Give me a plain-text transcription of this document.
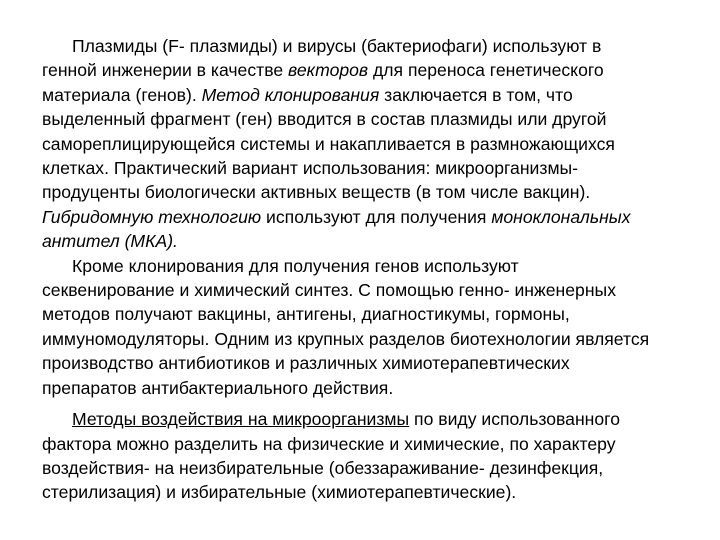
Плазмиды (F- плазмиды) и вирусы (бактериофаги) используют в
генной инженерии в качестве векторов для переноса генетического
материала (генов). Метод клонирования заключается в том, что
выделенный фрагмент (ген) вводится в состав плазмиды или другой
самореплицирующейся системы и накапливается в размножающихся
клетках. Практический вариант использования: микроорганизмы-
продуценты биологически активных веществ (в том числе вакцин).
Гибридомную технологию используют для получения моноклональных
антител (МКА).
Кроме клонирования для получения генов используют
секвенирование и химический синтез. С помощью генно- инженерных
методов получают вакцины, антигены, диагностикумы, гормоны,
иммуномодуляторы. Одним из крупных разделов биотехнологии является
производство антибиотиков и различных химиотерапевтических
препаратов антибактериального действия.
Методы воздействия на микроорганизмы по виду использованного
фактора можно разделить на физические и химические, по характеру
воздействия- на неизбирательные (обеззараживание- дезинфекция,
стерилизация) и избирательные (химиотерапевтические).
